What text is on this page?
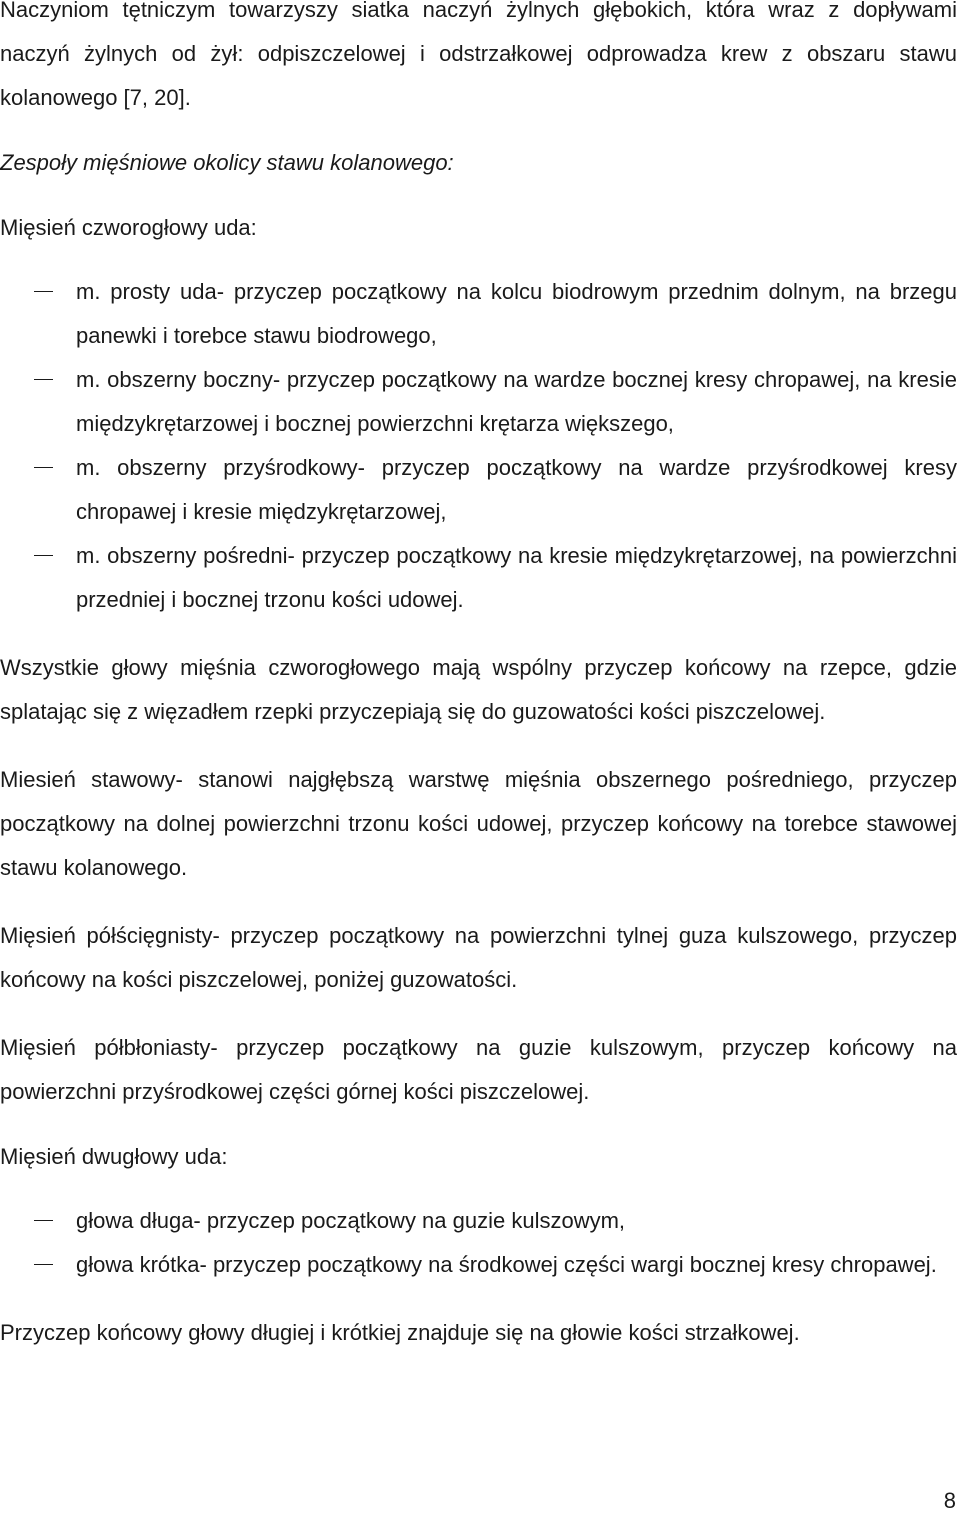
Naczyniom tętniczym towarzyszy siatka naczyń żylnych głębokich, która wraz z dopływami naczyń żylnych od żył: odpiszczelowej i odstrzałkowej odprowadza krew z obszaru stawu kolanowego [7, 20].

Zespoły mięśniowe okolicy stawu kolanowego:

Mięsień czworogłowy uda:

m. prosty uda- przyczep początkowy na kolcu biodrowym przednim dolnym, na brzegu panewki i torebce stawu biodrowego,
m. obszerny boczny- przyczep początkowy na wardze bocznej kresy chropawej, na kresie międzykrętarzowej i bocznej powierzchni krętarza większego,
m. obszerny przyśrodkowy- przyczep początkowy na wardze przyśrodkowej kresy chropawej i kresie międzykrętarzowej,
m. obszerny pośredni- przyczep początkowy na kresie międzykrętarzowej, na powierzchni przedniej i bocznej trzonu kości udowej.

Wszystkie głowy mięśnia czworogłowego mają wspólny przyczep końcowy na rzepce, gdzie splatając się z więzadłem rzepki przyczepiają się do guzowatości kości piszczelowej.

Miesień stawowy- stanowi najgłębszą warstwę mięśnia obszernego pośredniego, przyczep początkowy na dolnej powierzchni trzonu kości udowej, przyczep końcowy na torebce stawowej stawu kolanowego.

Mięsień półścięgnisty- przyczep początkowy na powierzchni tylnej guza kulszowego, przyczep końcowy na kości piszczelowej, poniżej guzowatości.

Mięsień półbłoniasty- przyczep początkowy na guzie kulszowym, przyczep końcowy na powierzchni przyśrodkowej części górnej kości piszczelowej.

Mięsień dwugłowy uda:

głowa długa- przyczep początkowy na guzie kulszowym,
głowa krótka- przyczep początkowy na środkowej części wargi bocznej kresy chropawej.

Przyczep końcowy głowy długiej i krótkiej znajduje się na głowie kości strzałkowej.

8
